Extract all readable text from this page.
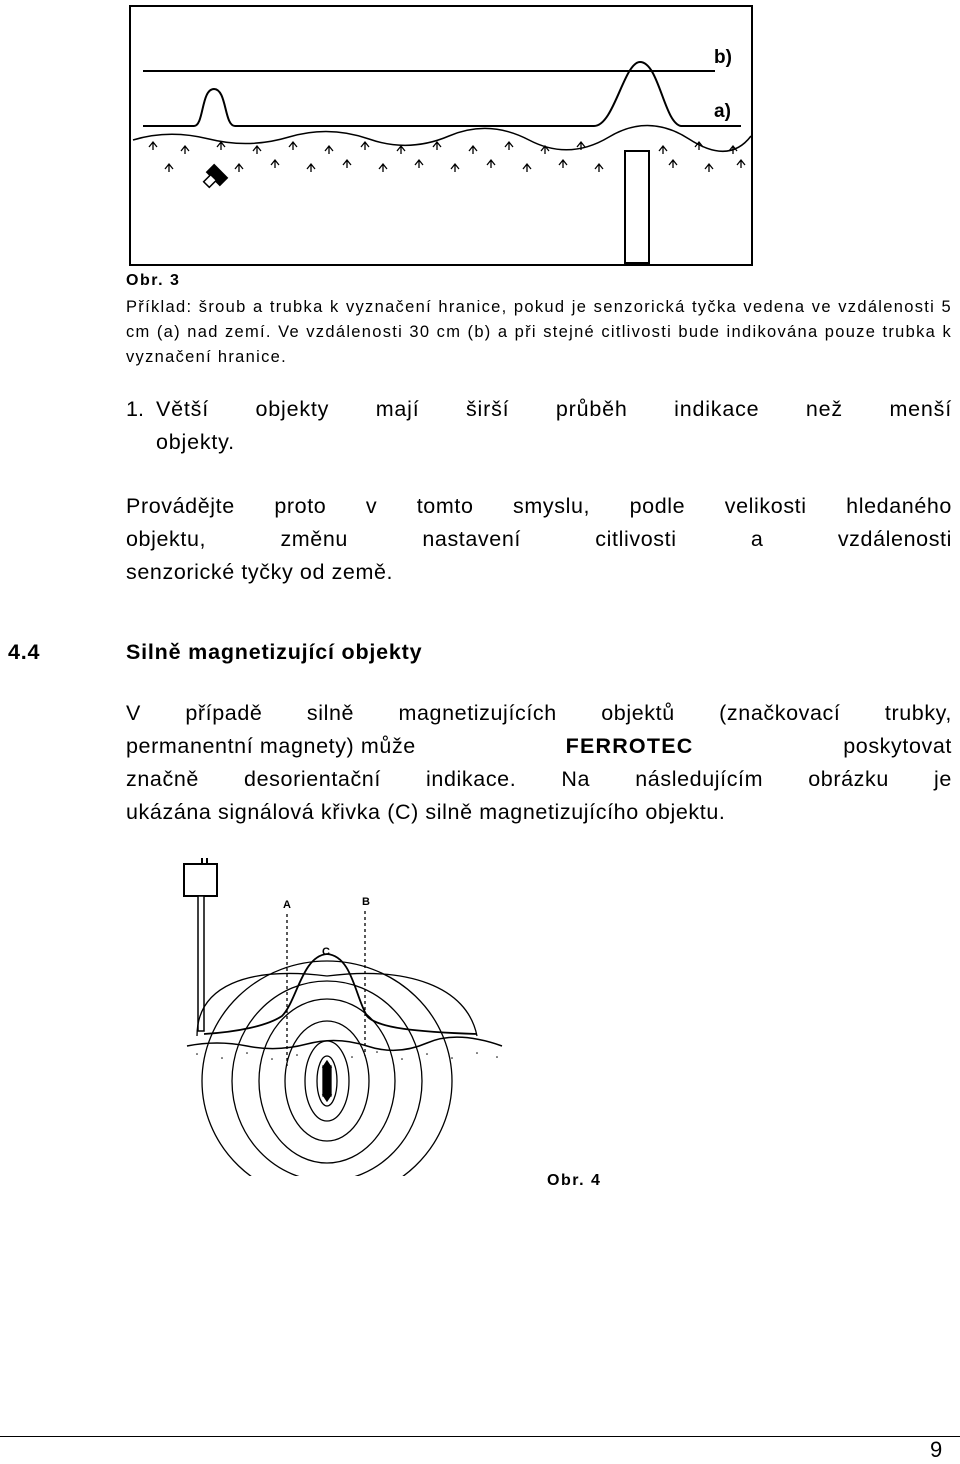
b)
a)
Obr. 3
Příklad: šroub a trubka k vyznačení hranice, pokud je senzorická tyčka vedena ve vzdálenosti 5 cm (a) nad zemí. Ve vzdálenosti 30 cm (b) a při stejné citlivosti bude indikována pouze trubka k vyznačení hranice.
1. Větší objekty mají širší průběh indikace než menší
objekty.
Provádějte proto v tomto smyslu, podle velikosti hledaného
objektu, změnu nastavení citlivosti a vzdálenosti
senzorické tyčky od země.
4.4	Silně magnetizující objekty
V případě silně magnetizujících objektů (značkovací trubky,
permanentní magnety) může	FERROTEC	poskytovat
značně desorientační indikace. Na následujícím obrázku je
ukázána signálová křivka (C) silně magnetizujícího objektu.
A	B
C
Obr. 4
9
